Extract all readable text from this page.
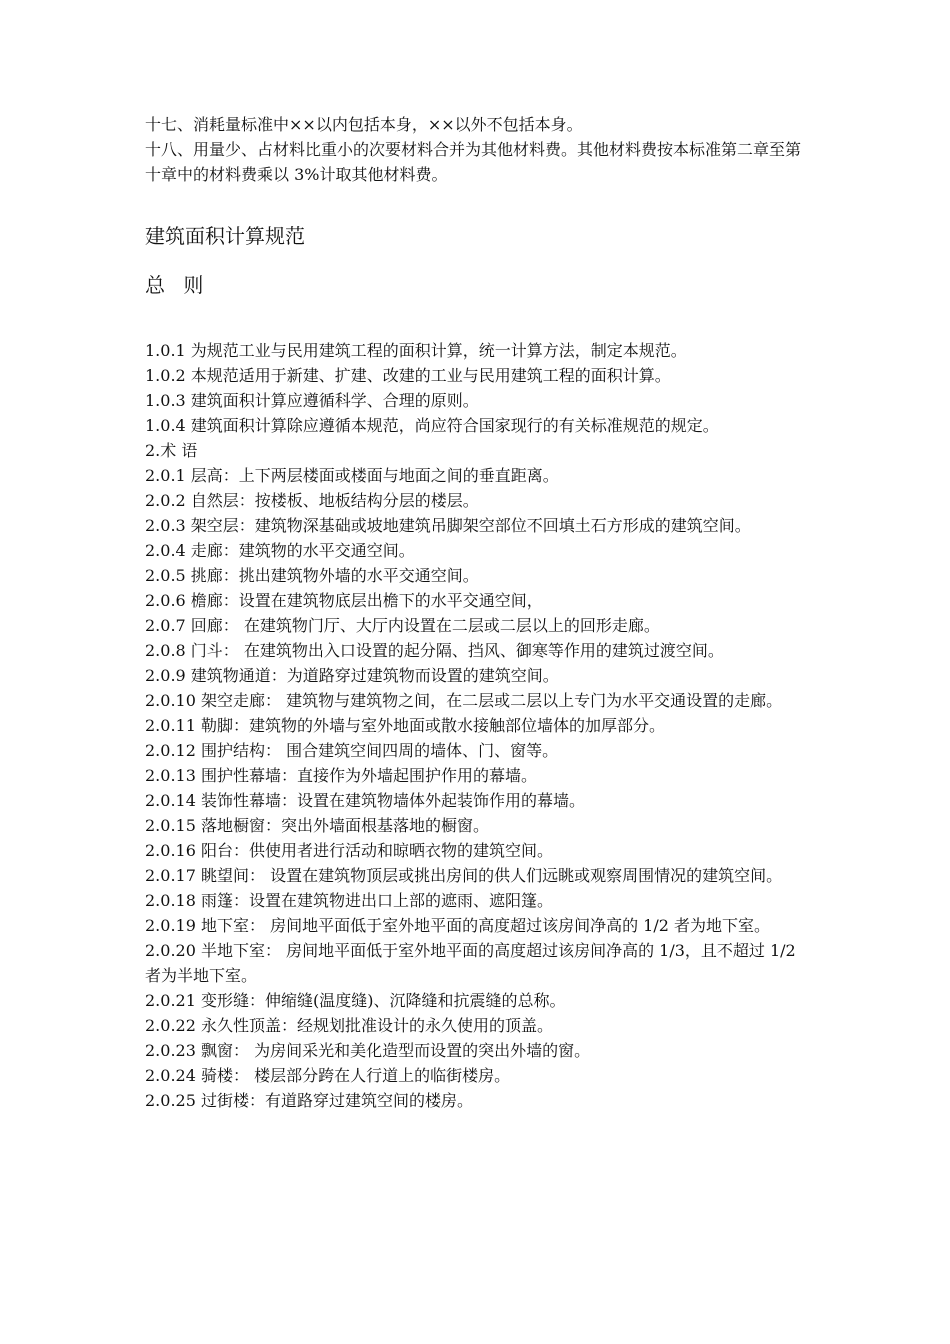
十七、消耗量标准中××以内包括本身，××以外不包括本身。

十八、用量少、占材料比重小的次要材料合并为其他材料费。其他材料费按本标准第二章至第十章中的材料费乘以 3%计取其他材料费。

建筑面积计算规范
总 则

1.0.1 为规范工业与民用建筑工程的面积计算，统一计算方法，制定本规范。

1.0.2 本规范适用于新建、扩建、改建的工业与民用建筑工程的面积计算。

1.0.3 建筑面积计算应遵循科学、合理的原则。

1.0.4 建筑面积计算除应遵循本规范，尚应符合国家现行的有关标准规范的规定。

2.术 语

2.0.1 层高：上下两层楼面或楼面与地面之间的垂直距离。

2.0.2 自然层：按楼板、地板结构分层的楼层。

2.0.3 架空层：建筑物深基础或坡地建筑吊脚架空部位不回填土石方形成的建筑空间。

2.0.4 走廊：建筑物的水平交通空间。

2.0.5 挑廊：挑出建筑物外墙的水平交通空间。

2.0.6 檐廊：设置在建筑物底层出檐下的水平交通空间，

2.0.7 回廊： 在建筑物门厅、大厅内设置在二层或二层以上的回形走廊。

2.0.8 门斗： 在建筑物出入口设置的起分隔、挡风、御寒等作用的建筑过渡空间。

2.0.9 建筑物通道：为道路穿过建筑物而设置的建筑空间。

2.0.10 架空走廊： 建筑物与建筑物之间，在二层或二层以上专门为水平交通设置的走廊。

2.0.11 勒脚：建筑物的外墙与室外地面或散水接触部位墙体的加厚部分。

2.0.12 围护结构： 围合建筑空间四周的墙体、门、窗等。

2.0.13 围护性幕墙：直接作为外墙起围护作用的幕墙。

2.0.14 装饰性幕墙：设置在建筑物墙体外起装饰作用的幕墙。

2.0.15 落地橱窗：突出外墙面根基落地的橱窗。

2.0.16 阳台：供使用者进行活动和晾晒衣物的建筑空间。

2.0.17 眺望间： 设置在建筑物顶层或挑出房间的供人们远眺或观察周围情况的建筑空间。

2.0.18 雨篷：设置在建筑物进出口上部的遮雨、遮阳篷。

2.0.19 地下室： 房间地平面低于室外地平面的高度超过该房间净高的 1/2 者为地下室。

2.0.20 半地下室： 房间地平面低于室外地平面的高度超过该房间净高的 1/3，且不超过 1/2 者为半地下室。

2.0.21 变形缝：伸缩缝(温度缝)、沉降缝和抗震缝的总称。

2.0.22 永久性顶盖：经规划批准设计的永久使用的顶盖。

2.0.23 飘窗： 为房间采光和美化造型而设置的突出外墙的窗。

2.0.24 骑楼： 楼层部分跨在人行道上的临街楼房。

2.0.25 过街楼：有道路穿过建筑空间的楼房。
